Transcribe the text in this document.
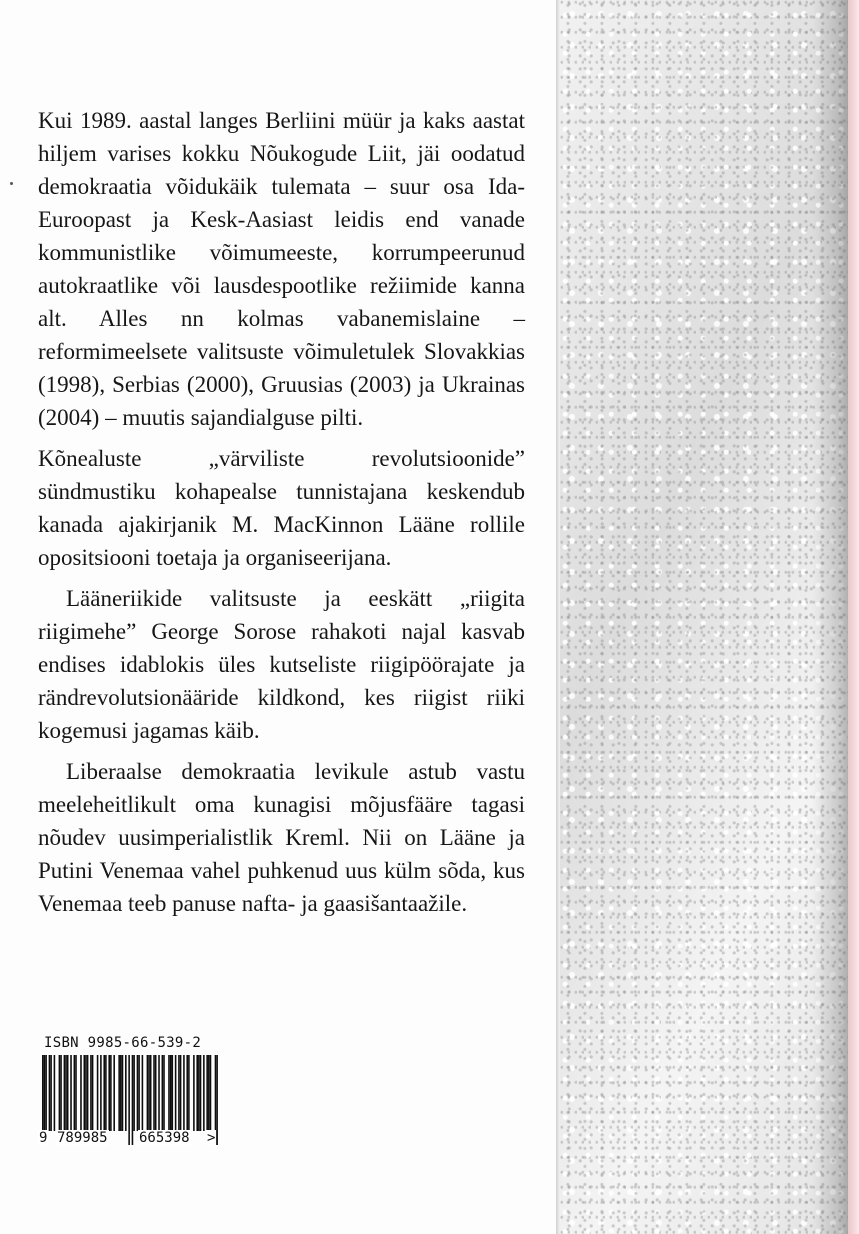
Kui 1989. aastal langes Berliini müür ja kaks aastat hiljem varises kokku Nõukogude Liit, jäi oodatud demokraatia võidukäik tulemata – suur osa Ida-Euroopast ja Kesk-Aasiast leidis end vanade kommunistlike võimumeeste, korrumpeerunud autokraatlike või lausdespootlike režiimide kanna alt. Alles nn kolmas vabanemislaine – reformimeelsete valitsuste võimuletulek Slovakkias (1998), Serbias (2000), Gruusias (2003) ja Ukrainas (2004) – muutis sajandialguse pilti.

Kõnealuste „värviliste revolutsioonide” sündmustiku kohapealse tunnistajana keskendub kanada ajakirjanik M. MacKinnon Lääne rollile opositsiooni toetaja ja organiseerijana.

Lääneriikide valitsuste ja eeskätt „riigita riigimehe” George Sorose rahakoti najal kasvab endises idablokis üles kutseliste riigipöörajate ja rändrevolutsionääride kildkond, kes riigist riiki kogemusi jagamas käib.

Liberaalse demokraatia levikule astub vastu meeleheitlikult oma kunagisi mõjusfääre tagasi nõudev uusimperialistlik Kreml. Nii on Lääne ja Putini Venemaa vahel puhkenud uus külm sõda, kus Venemaa teeb panuse nafta- ja gaasišantaažile.

ISBN 9985-66-539-2
9 789985 665398 >
